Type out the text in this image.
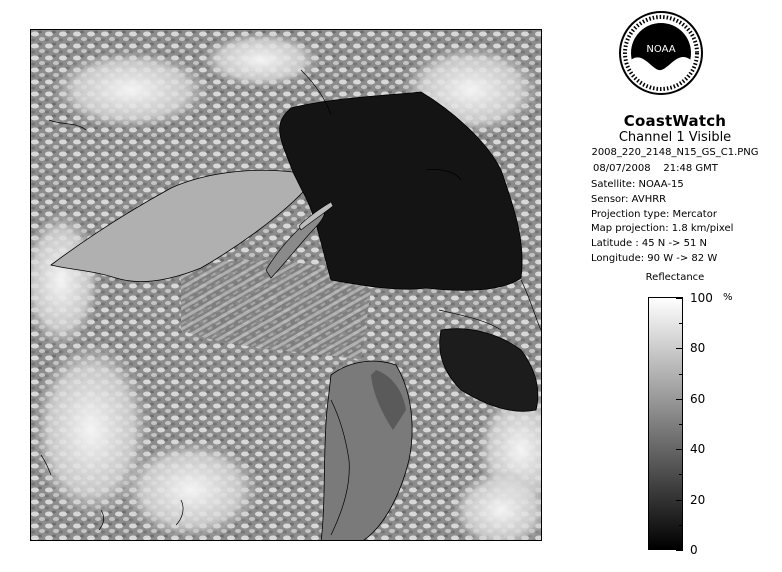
NOAA
CoastWatch
Channel 1 Visible
2008_220_2148_N15_GS_C1.PNG
08/07/2008 21:48 GMT
Satellite: NOAA-15
Sensor: AVHRR
Projection type: Mercator
Map projection: 1.8 km/pixel
Latitude : 45 N -> 51 N
Longitude: 90 W -> 82 W
Reflectance
%
100
80
60
40
20
0
